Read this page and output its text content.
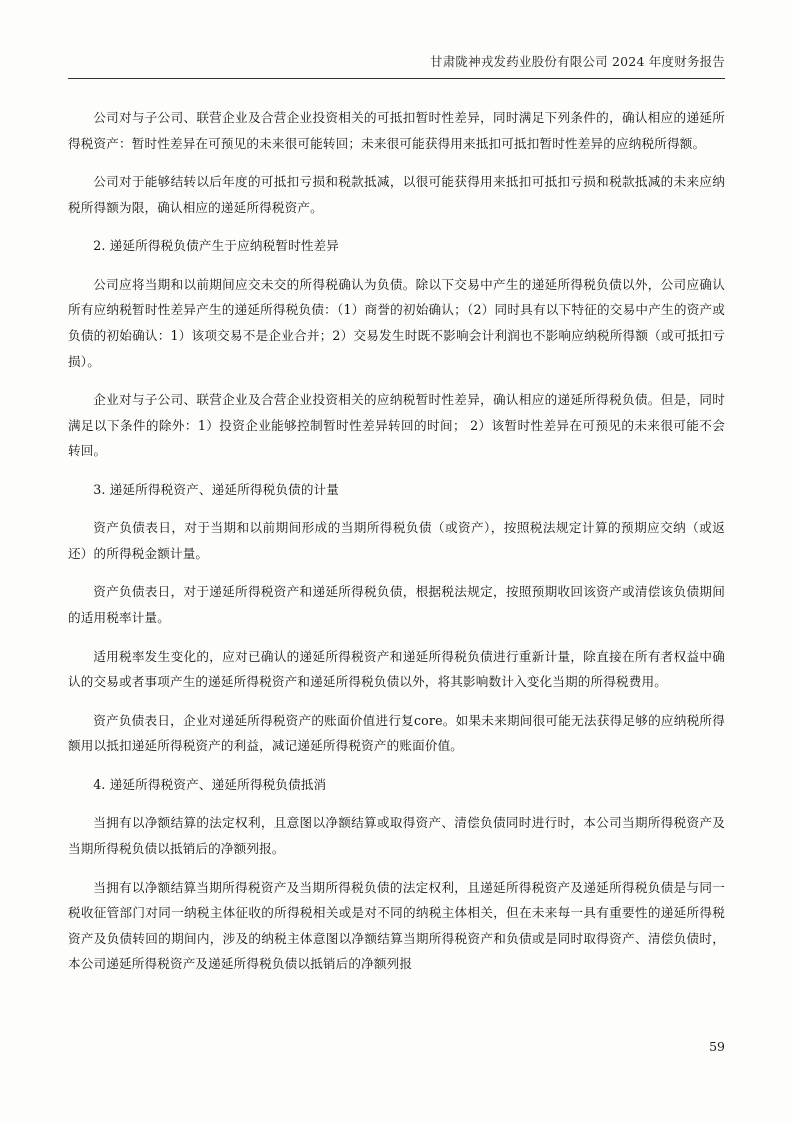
甘肃陇神戎发药业股份有限公司 2024 年度财务报告

公司对与子公司、联营企业及合营企业投资相关的可抵扣暂时性差异，同时满足下列条件的，确认相应的递延所得税资产：暂时性差异在可预见的未来很可能转回；未来很可能获得用来抵扣可抵扣暂时性差异的应纳税所得额。

公司对于能够结转以后年度的可抵扣亏损和税款抵减，以很可能获得用来抵扣可抵扣亏损和税款抵减的未来应纳税所得额为限，确认相应的递延所得税资产。

2. 递延所得税负债产生于应纳税暂时性差异

公司应将当期和以前期间应交未交的所得税确认为负债。除以下交易中产生的递延所得税负债以外，公司应确认所有应纳税暂时性差异产生的递延所得税负债：（1）商誉的初始确认；（2）同时具有以下特征的交易中产生的资产或负债的初始确认：1）该项交易不是企业合并；2）交易发生时既不影响会计利润也不影响应纳税所得额（或可抵扣亏损）。

企业对与子公司、联营企业及合营企业投资相关的应纳税暂时性差异，确认相应的递延所得税负债。但是，同时满足以下条件的除外：1）投资企业能够控制暂时性差异转回的时间； 2）该暂时性差异在可预见的未来很可能不会转回。

3. 递延所得税资产、递延所得税负债的计量

资产负债表日，对于当期和以前期间形成的当期所得税负债（或资产），按照税法规定计算的预期应交纳（或返还）的所得税金额计量。

资产负债表日，对于递延所得税资产和递延所得税负债，根据税法规定，按照预期收回该资产或清偿该负债期间的适用税率计量。

适用税率发生变化的，应对已确认的递延所得税资产和递延所得税负债进行重新计量，除直接在所有者权益中确认的交易或者事项产生的递延所得税资产和递延所得税负债以外，将其影响数计入变化当期的所得税费用。

资产负债表日，企业对递延所得税资产的账面价值进行复core。如果未来期间很可能无法获得足够的应纳税所得额用以抵扣递延所得税资产的利益，减记递延所得税资产的账面价值。

4. 递延所得税资产、递延所得税负债抵消

当拥有以净额结算的法定权利，且意图以净额结算或取得资产、清偿负债同时进行时，本公司当期所得税资产及当期所得税负债以抵销后的净额列报。

当拥有以净额结算当期所得税资产及当期所得税负债的法定权利，且递延所得税资产及递延所得税负债是与同一税收征管部门对同一纳税主体征收的所得税相关或是对不同的纳税主体相关，但在未来每一具有重要性的递延所得税资产及负债转回的期间内，涉及的纳税主体意图以净额结算当期所得税资产和负债或是同时取得资产、清偿负债时，本公司递延所得税资产及递延所得税负债以抵销后的净额列报

59
